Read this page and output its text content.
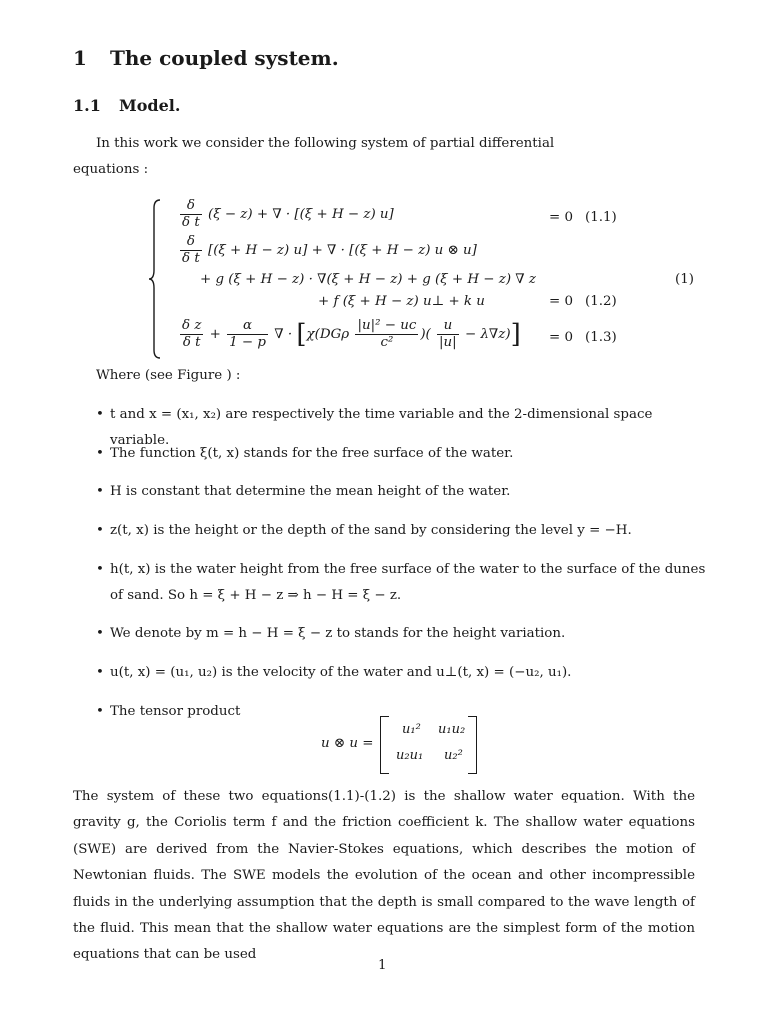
1 The coupled system.
1.1 Model.
In this work we consider the following system of partial differential
equations :
$\frac{\delta}{\text{δ t}} (\xi - z)$ + ∇ · [(ξ + H − z) u]	= 0 (1.1)
$\frac{\delta}{\text{δ t}} [(\xi + H - z) u]$ + ∇ · [(ξ + H − z) u ⊗ u]
+ g (ξ + H − z) · ∇(ξ + H − z) + g (ξ + H − z) ∇ z	(1)
+ f (ξ + H − z) u⊥ + k u	= 0 (1.2)
$\frac{\text{δ z}}{\text{δ t}} + \frac{\alpha}{1 - p}$ ∇ · [$\chi(DG\rho \frac{\text{|u|² − uc}}{\text{c²}}$ )( $\frac{u}{|u|} - \lambda\nabla z)] = 0$ (1.3)
Where (see Figure ) :
• t and x = (x₁, x₂) are respectively the time variable and the 2-dimensional space variable.
• The function ξ(t, x) stands for the free surface of the water.
• H is constant that determine the mean height of the water.
• z(t, x) is the height or the depth of the sand by considering the level y = −H.
• h(t, x) is the water height from the free surface of the water to the surface of the dunes of sand. So h = ξ + H − z ⇒ h − H = ξ − z.
• We denote by m = h − H = ξ − z to stands for the height variation.
• u(t, x) = (u₁, u₂) is the velocity of the water and u⊥(t, x) = (−u₂, u₁).
• The tensor product
u ⊗ u =
u₁² u₁u₂
u₂u₁ u₂²
The system of these two equations(1.1)-(1.2) is the shallow water equation. With the gravity g, the Coriolis term f and the friction coefficient k. The shallow water equations (SWE) are derived from the Navier-Stokes equations, which describes the motion of Newtonian fluids. The SWE models the evolution of the ocean and other incompressible fluids in the underlying assumption that the depth is small compared to the wave length of the fluid. This mean that the shallow water equations are the simplest form of the motion equations that can be used
1
